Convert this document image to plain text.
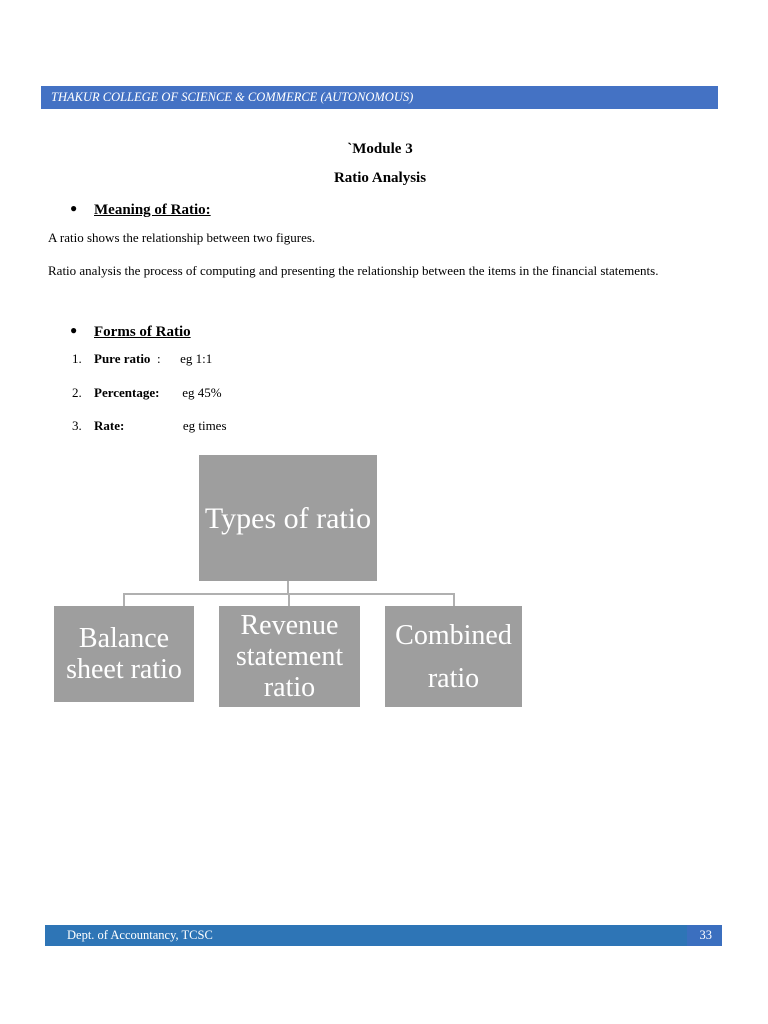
THAKUR COLLEGE OF SCIENCE & COMMERCE (AUTONOMOUS)
`Module 3
Ratio Analysis
● Meaning of Ratio:
A ratio shows the relationship between two figures.
Ratio analysis the process of computing and presenting the relationship between the items in the financial statements.
● Forms of Ratio
1. Pure ratio  :      eg 1:1
2. Percentage: eg 45%
3. Rate:	eg times
Types of ratio
Balance
sheet ratio
Revenue
statement
ratio
Combined
ratio
Dept. of Accountancy, TCSC	33
